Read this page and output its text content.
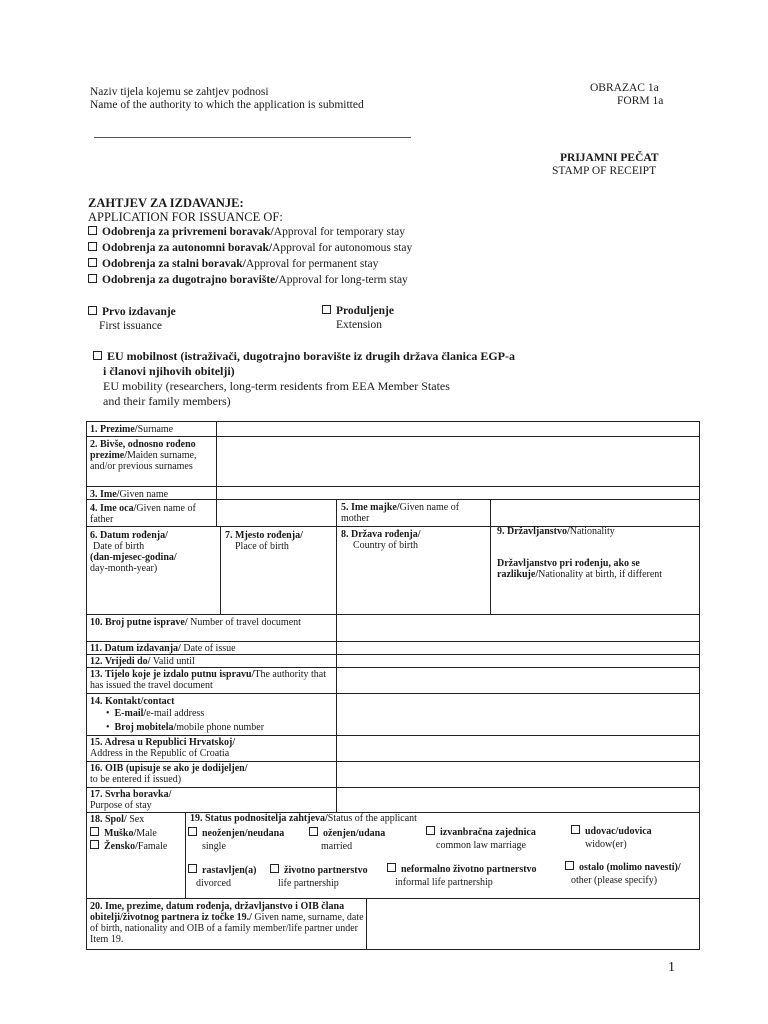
Naziv tijela kojemu se zahtjev podnosi
Name of the authority to which the application is submitted
OBRAZAC 1a
FORM 1a
PRIJAMNI PEČAT
STAMP OF RECEIPT
ZAHTJEV ZA IZDAVANJE:
APPLICATION FOR ISSUANCE OF:
Odobrenja za privremeni boravak/Approval for temporary stay
Odobrenja za autonomni boravak/Approval for autonomous stay
Odobrenja za stalni boravak/Approval for permanent stay
Odobrenja za dugotrajno boravište/Approval for long-term stay
Prvo izdavanje
First issuance
Produljenje
Extension
EU mobilnost (istraživači, dugotrajno boravište iz drugih država članica EGP-a
i članovi njihovih obitelji)
EU mobility (researchers, long-term residents from EEA Member States
and their family members)
1. Prezime/Surname
2. Bivše, odnosno rođeno prezime/Maiden surname, and/or previous surnames
3. Ime/Given name
4. Ime oca/Given name of father
5. Ime majke/Given name of mother
6. Datum rođenja/
Date of birth
(dan-mjesec-godina/
day-month-year)
7. Mjesto rođenja/
Place of birth
8. Država rođenja/
Country of birth
9. Državljanstvo/Nationality
Državljanstvo pri rođenju, ako se razlikuje/Nationality at birth, if different
10. Broj putne isprave/ Number of travel document
11. Datum izdavanja/ Date of issue
12. Vrijedi do/ Valid until
13. Tijelo koje je izdalo putnu ispravu/The authority that has issued the travel document
14. Kontakt/contact
•  E-mail/e-mail address
•  Broj mobitela/mobile phone number
15. Adresa u Republici Hrvatskoj/
Address in the Republic of Croatia
16. OIB (upisuje se ako je dodijeljen/
to be entered if issued)
17. Svrha boravka/
Purpose of stay
18. Spol/ Sex
Muško/Male
Žensko/Famale
19. Status podnositelja zahtjeva/Status of the applicant
neoženjen/neudana
single
oženjen/udana
married
izvanbračna zajednica
common law marriage
udovac/udovica
widow(er)
rastavljen(a)
divorced
životno partnerstvo
life partnership
neformalno životno partnerstvo
informal life partnership
ostalo (molimo navesti)/
other (please specify)
20. Ime, prezime, datum rođenja, državljanstvo i OIB člana obitelji/životnog partnera iz točke 19./ Given name, surname, date of birth, nationality and OIB of a family member/life partner under Item 19.
1
